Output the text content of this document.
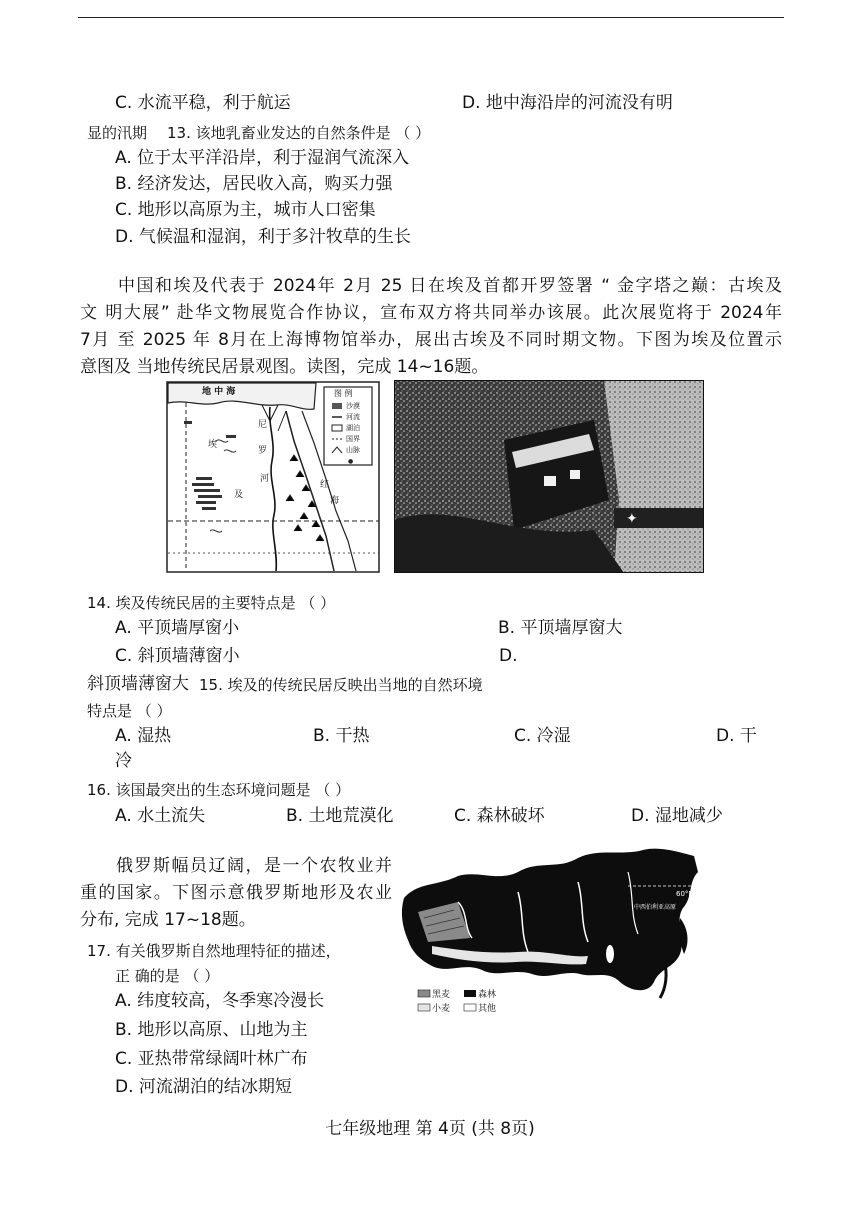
C. 水流平稳，利于航运	D. 地中海沿岸的河流没有明
显的汛期 13. 该地乳畜业发达的自然条件是 （ ）
A. 位于太平洋沿岸，利于湿润气流深入
B. 经济发达，居民收入高，购买力强
C. 地形以高原为主，城市人口密集
D. 气候温和湿润，利于多汁牧草的生长
中国和埃及代表于 2024年 2月 25 日在埃及首都开罗签署 “ 金字塔之巅：古埃及
文 明大展” 赴华文物展览合作协议，宣布双方将共同举办该展。此次展览将于 2024年
7月 至 2025 年 8月在上海博物馆举办，展出古埃及不同时期文物。下图为埃及位置示
意图及 当地传统民居景观图。读图，完成 14~16题。
●
地 中 海	图 例
沙漠
河流
湖泊
国界
山脉
埃
及
尼
罗
河
红
海
✦
14. 埃及传统民居的主要特点是 （ ）
A. 平顶墙厚窗小	B. 平顶墙厚窗大
C. 斜顶墙薄窗小	D.
斜顶墙薄窗大 15. 埃及的传统民居反映出当地的自然环境
特点是 （ ）
A. 湿热	B. 干热	C. 冷湿	D. 干
冷
16. 该国最突出的生态环境问题是 （ ）
A. 水土流失	B. 土地荒漠化	C. 森林破坏	D. 湿地减少
俄罗斯幅员辽阔，是一个农牧业并
重的国家。下图示意俄罗斯地形及农业
分布, 完成 17~18题。
黑麦	森林
小麦	其他
60°N
中西伯利亚高原
17. 有关俄罗斯自然地理特征的描述，
正 确的是 （ ）
A. 纬度较高，冬季寒冷漫长
B. 地形以高原、山地为主
C. 亚热带常绿阔叶林广布
D. 河流湖泊的结冰期短
七年级地理 第 4页 (共 8页)
